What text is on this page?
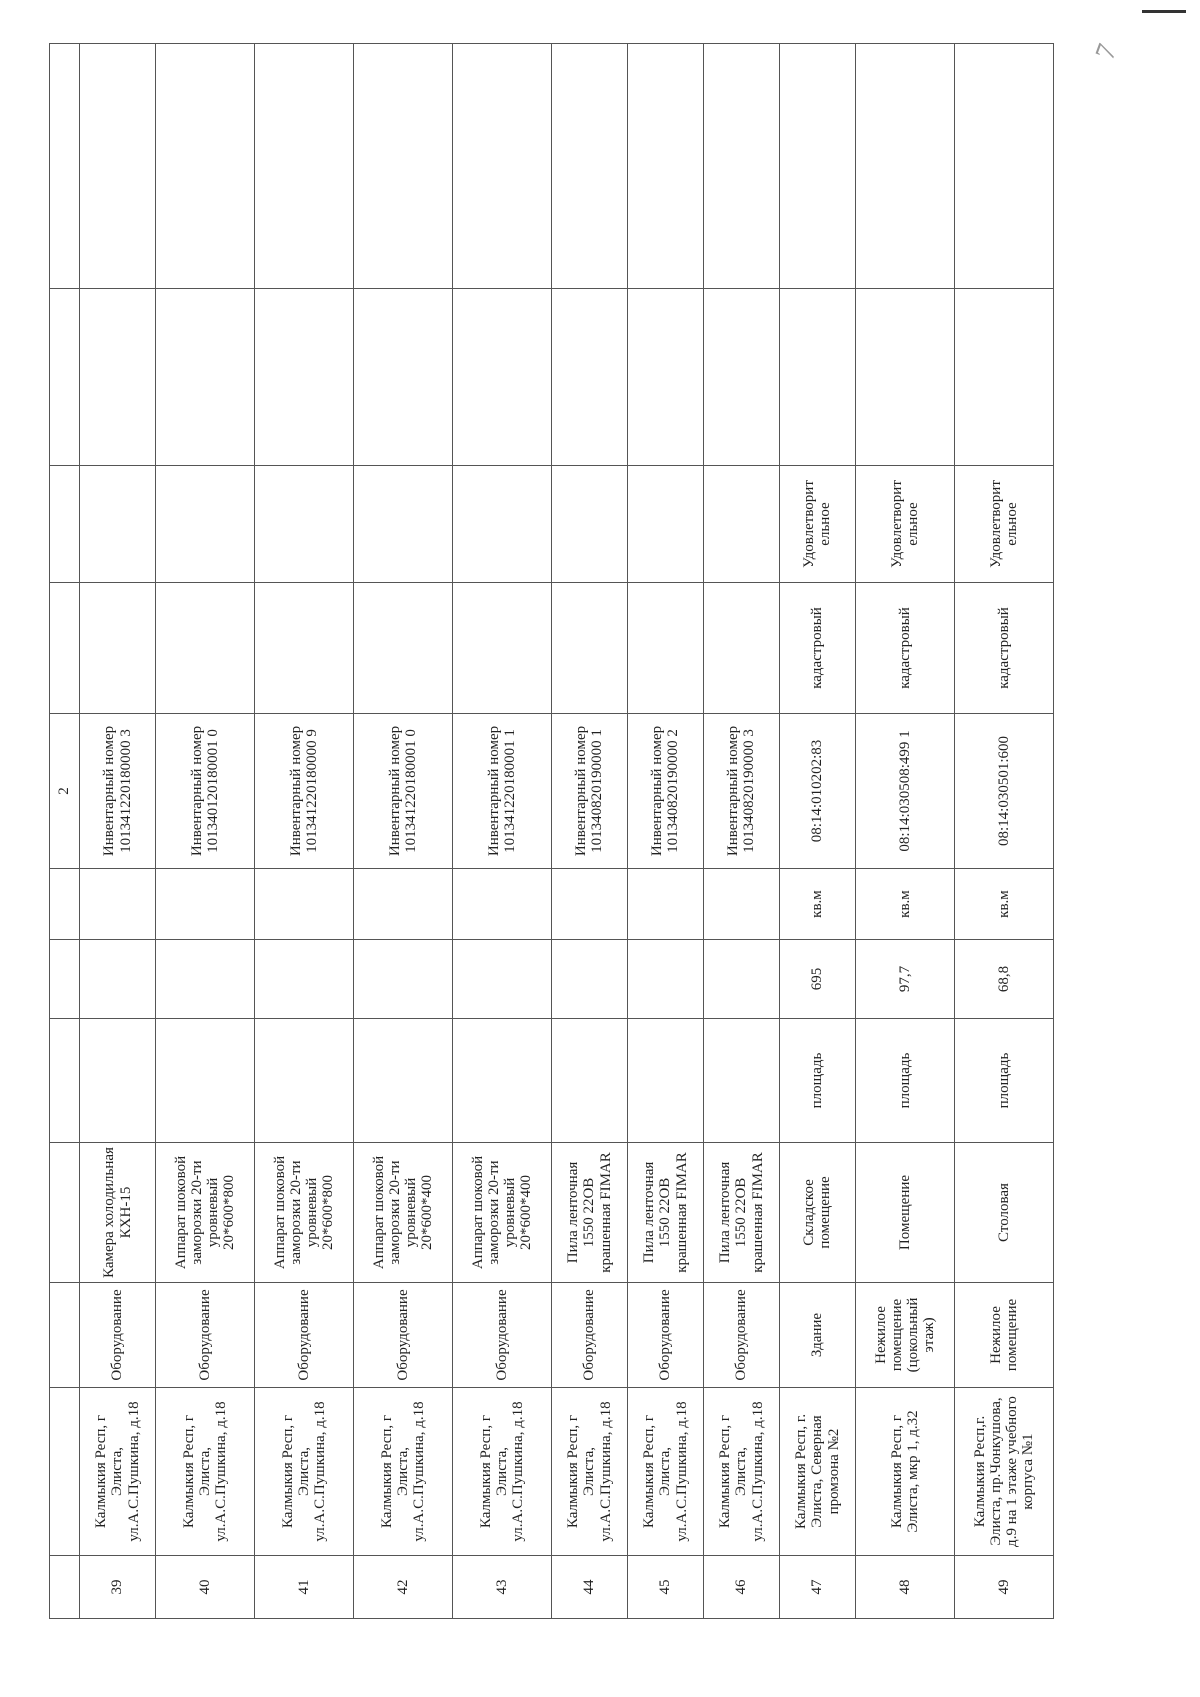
7
							2				
39	Калмыкия Респ, г Элиста, ул.А.С.Пушкина, д.18	Оборудование	Камера холодильная КХН-15				Инвентарный номер 101341220180000 3				
40	Калмыкия Респ, г Элиста, ул.А.С.Пушкина, д.18	Оборудование	Аппарат шоковой заморозки 20-ти уровневый 20*600*800				Инвентарный номер 101340120180001 0				
41	Калмыкия Респ, г Элиста, ул.А.С.Пушкина, д.18	Оборудование	Аппарат шоковой заморозки 20-ти уровневый 20*600*800				Инвентарный номер 101341220180000 9				
42	Калмыкия Респ, г Элиста, ул.А.С.Пушкина, д.18	Оборудование	Аппарат шоковой заморозки 20-ти уровневый 20*600*400				Инвентарный номер 101341220180001 0				
43	Калмыкия Респ, г Элиста, ул.А.С.Пушкина, д.18	Оборудование	Аппарат шоковой заморозки 20-ти уровневый 20*600*400				Инвентарный номер 101341220180001 1				
44	Калмыкия Респ, г Элиста, ул.А.С.Пушкина, д.18	Оборудование	Пила ленточная 1550 22ОВ крашенная FIMAR				Инвентарный номер 101340820190000 1				
45	Калмыкия Респ, г Элиста, ул.А.С.Пушкина, д.18	Оборудование	Пила ленточная 1550 22ОВ крашенная FIMAR				Инвентарный номер 101340820190000 2				
46	Калмыкия Респ, г Элиста, ул.А.С.Пушкина, д.18	Оборудование	Пила ленточная 1550 22ОВ крашенная FIMAR				Инвентарный номер 101340820190000 3				
47	Калмыкия Респ, г. Элиста, Северная промзона №2	Здание	Складское помещение	площадь	695	кв.м	08:14:010202:83	кадастровый	Удовлетворит ельное		
48	Калмыкия Респ, г Элиста, мкр 1, д.32	Нежилое помещение (цокольный этаж)	Помещение	площадь	97,7	кв.м	08:14:030508:499 1	кадастровый	Удовлетворит ельное		
49	Калмыкия Респ,г. Элиста, пр.Чонкушова, д.9 на 1 этаже учебного корпуса №1	Нежилое помещение	Столовая	площадь	68,8	кв.м	08:14:030501:600	кадастровый	Удовлетворит ельное		
